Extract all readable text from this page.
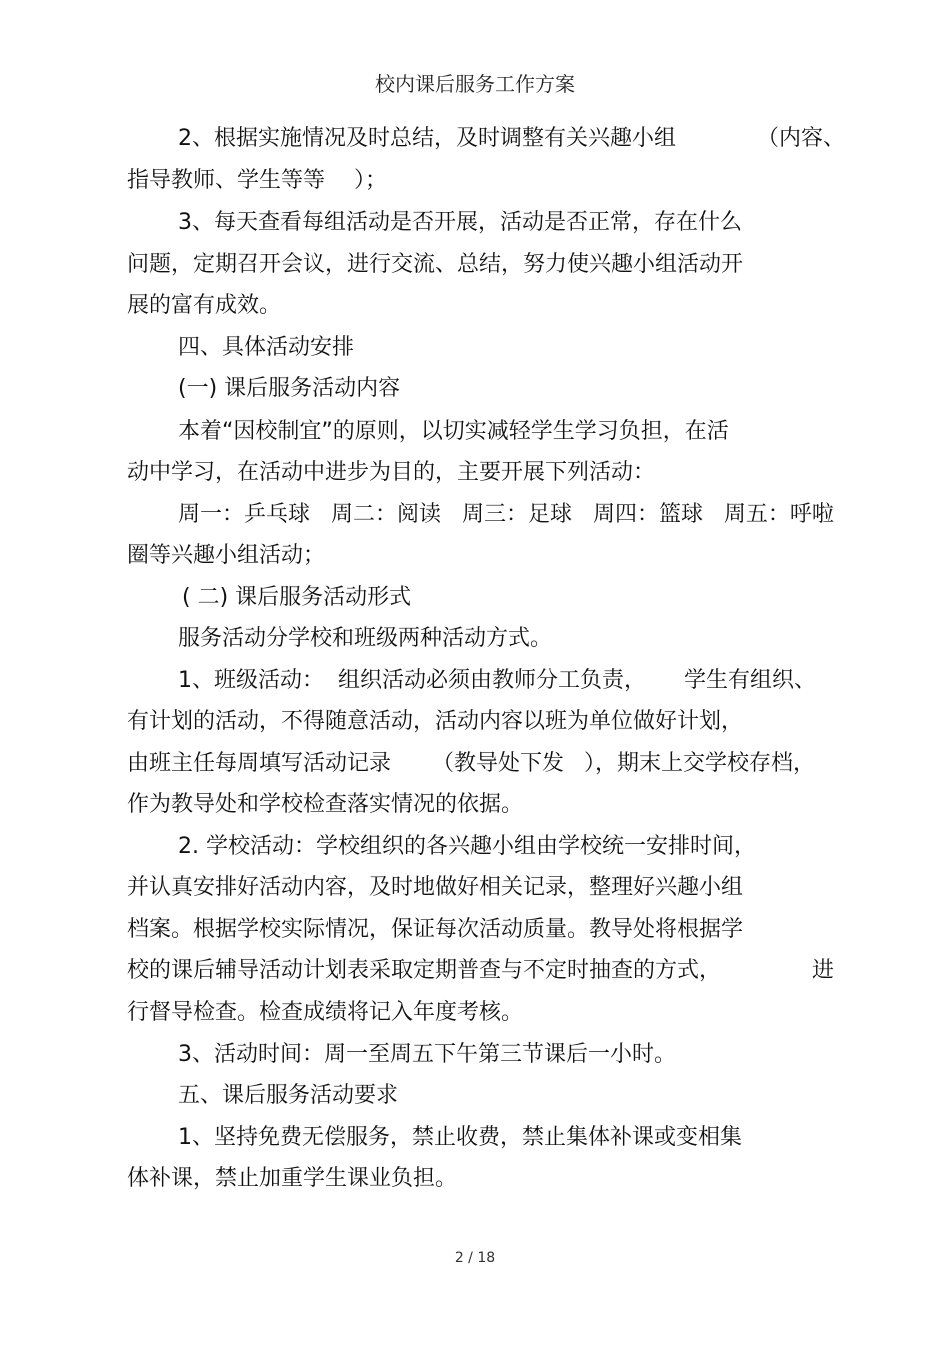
校内课后服务工作方案
2、根据实施情况及时总结，及时调整有关兴趣小组	（内容、
指导教师、学生等等 ）；
3、每天查看每组活动是否开展，活动是否正常，存在什么
问题，定期召开会议，进行交流、总结，努力使兴趣小组活动开
展的富有成效。
四、具体活动安排
(一) 课后服务活动内容
本着“因校制宜”的原则，以切实减轻学生学习负担，在活
动中学习，在活动中进步为目的，主要开展下列活动：
周一：乒乓球   周二：阅读   周三：足球   周四：篮球   周五：呼啦
圈等兴趣小组活动；
( 二) 课后服务活动形式
服务活动分学校和班级两种活动方式。
1、班级活动：  组织活动必须由教师分工负责， 学生有组织、
有计划的活动，不得随意活动，活动内容以班为单位做好计划，
由班主任每周填写活动记录 （教导处下发 ），期末上交学校存档，
作为教导处和学校检查落实情况的依据。
2. 学校活动：学校组织的各兴趣小组由学校统一安排时间，
并认真安排好活动内容，及时地做好相关记录，整理好兴趣小组
档案。根据学校实际情况，保证每次活动质量。教导处将根据学
校的课后辅导活动计划表采取定期普查与不定时抽查的方式，	进
行督导检查。检查成绩将记入年度考核。
3、活动时间：周一至周五下午第三节课后一小时。
五、课后服务活动要求
1、坚持免费无偿服务，禁止收费，禁止集体补课或变相集
体补课，禁止加重学生课业负担。
2 / 18
